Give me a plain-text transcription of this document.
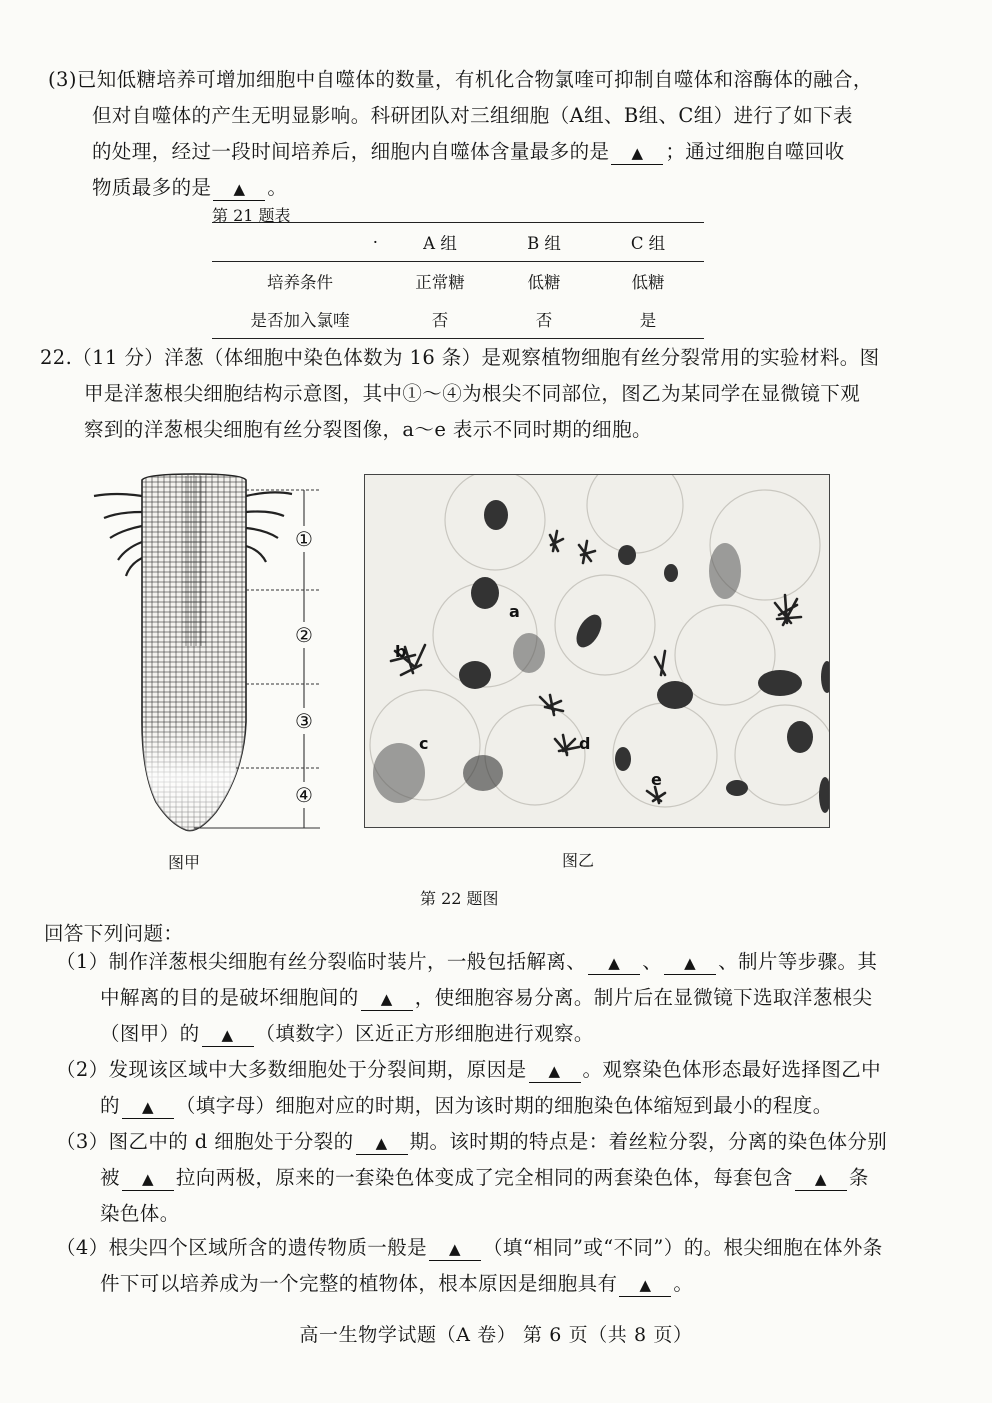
(3)已知低糖培养可增加细胞中自噬体的数量，有机化合物氯喹可抑制自噬体和溶酶体的融合，
但对自噬体的产生无明显影响。科研团队对三组细胞（A组、B组、C组）进行了如下表
的处理，经过一段时间培养后，细胞内自噬体含量最多的是 ▲ ；通过细胞自噬回收
物质最多的是 ▲ 。
第 21 题表
·	A 组	B 组	C 组
培养条件	正常糖	低糖	低糖
是否加入氯喹	否	否	是
22.（11 分）洋葱（体细胞中染色体数为 16 条）是观察植物细胞有丝分裂常用的实验材料。图
甲是洋葱根尖细胞结构示意图，其中①～④为根尖不同部位，图乙为某同学在显微镜下观
察到的洋葱根尖细胞有丝分裂图像，a～e 表示不同时期的细胞。
①
②
③
④
a
b
c	d
e
图甲	图乙
第 22 题图
回答下列问题：
（1）制作洋葱根尖细胞有丝分裂临时装片，一般包括解离、 ▲ 、 ▲ 、制片等步骤。其
中解离的目的是破坏细胞间的 ▲ ，使细胞容易分离。制片后在显微镜下选取洋葱根尖
（图甲）的 ▲ （填数字）区近正方形细胞进行观察。
（2）发现该区域中大多数细胞处于分裂间期，原因是 ▲ 。观察染色体形态最好选择图乙中
的 ▲ （填字母）细胞对应的时期，因为该时期的细胞染色体缩短到最小的程度。
（3）图乙中的 d 细胞处于分裂的 ▲ 期。该时期的特点是：着丝粒分裂，分离的染色体分别
被 ▲ 拉向两极，原来的一套染色体变成了完全相同的两套染色体，每套包含 ▲ 条
染色体。
（4）根尖四个区域所含的遗传物质一般是 ▲ （填“相同”或“不同”）的。根尖细胞在体外条
件下可以培养成为一个完整的植物体，根本原因是细胞具有 ▲ 。
高一生物学试题（A 卷） 第 6 页（共 8 页）
